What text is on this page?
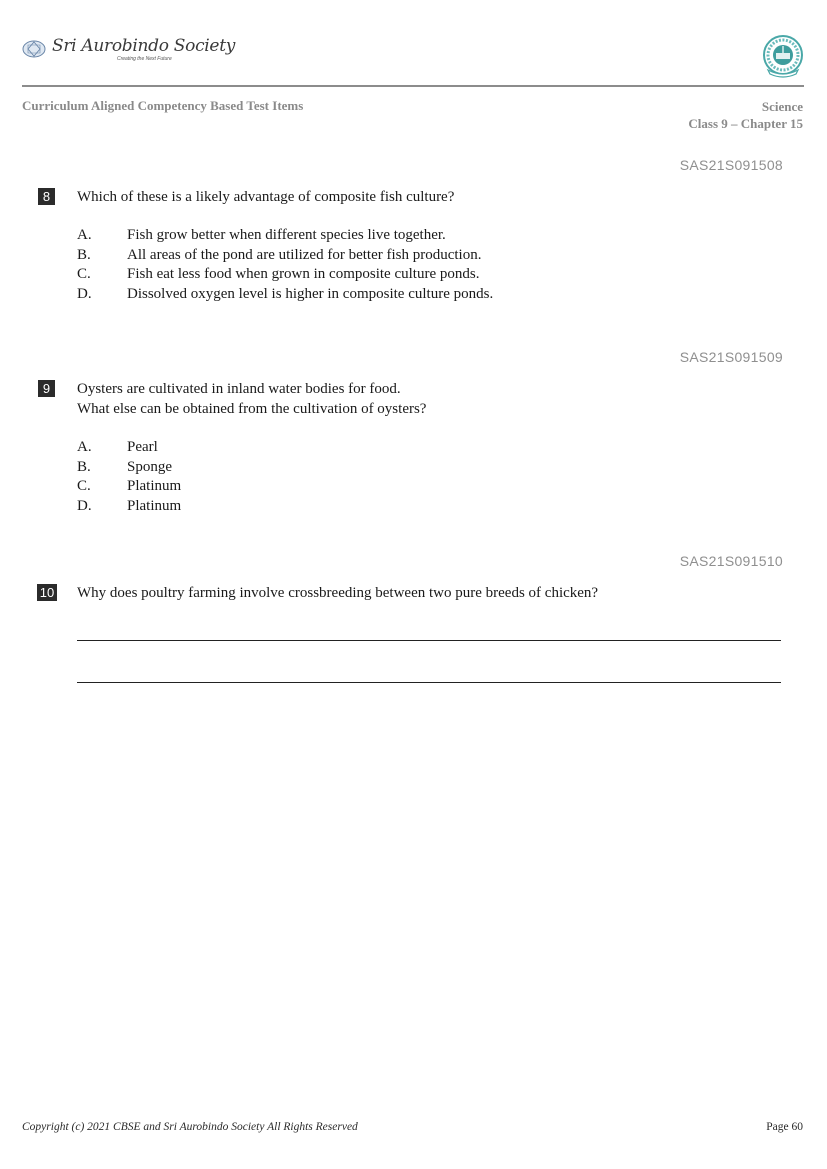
Sri Aurobindo Society
Creating the Next Future
Curriculum Aligned Competency Based Test Items	Science
Class 9 – Chapter 15
SAS21S091508
8	Which of these is a likely advantage of composite fish culture?
A. Fish grow better when different species live together.
B. All areas of the pond are utilized for better fish production.
C. Fish eat less food when grown in composite culture ponds.
D. Dissolved oxygen level is higher in composite culture ponds.
SAS21S091509
9	Oysters are cultivated in inland water bodies for food.
What else can be obtained from the cultivation of oysters?
A. Pearl
B. Sponge
C. Platinum
D. Platinum
SAS21S091510
10 Why does poultry farming involve crossbreeding between two pure breeds of chicken?
Copyright (c) 2021 CBSE and Sri Aurobindo Society All Rights Reserved	Page 60
